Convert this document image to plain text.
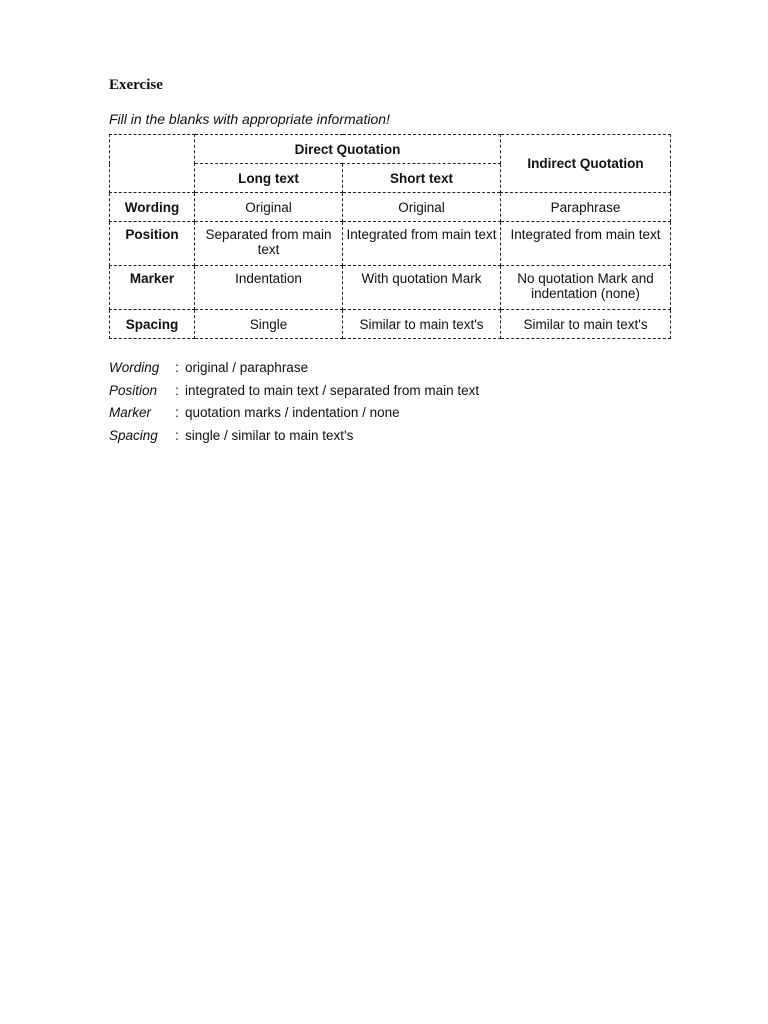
Exercise
Fill in the blanks with appropriate information!
	Direct Quotation		Indirect Quotation
	Long text	Short text	
Wording	Original	Original	Paraphrase
Position	Separated from main text	Integrated from main text	Integrated from main text
Marker	Indentation	With quotation Mark	No quotation Mark and indentation (none)
Spacing	Single	Similar to main text's	Similar to main text's
Wording	: original / paraphrase
Position	: integrated to main text / separated from main text
Marker	: quotation marks / indentation / none
Spacing	: single / similar to main text's
